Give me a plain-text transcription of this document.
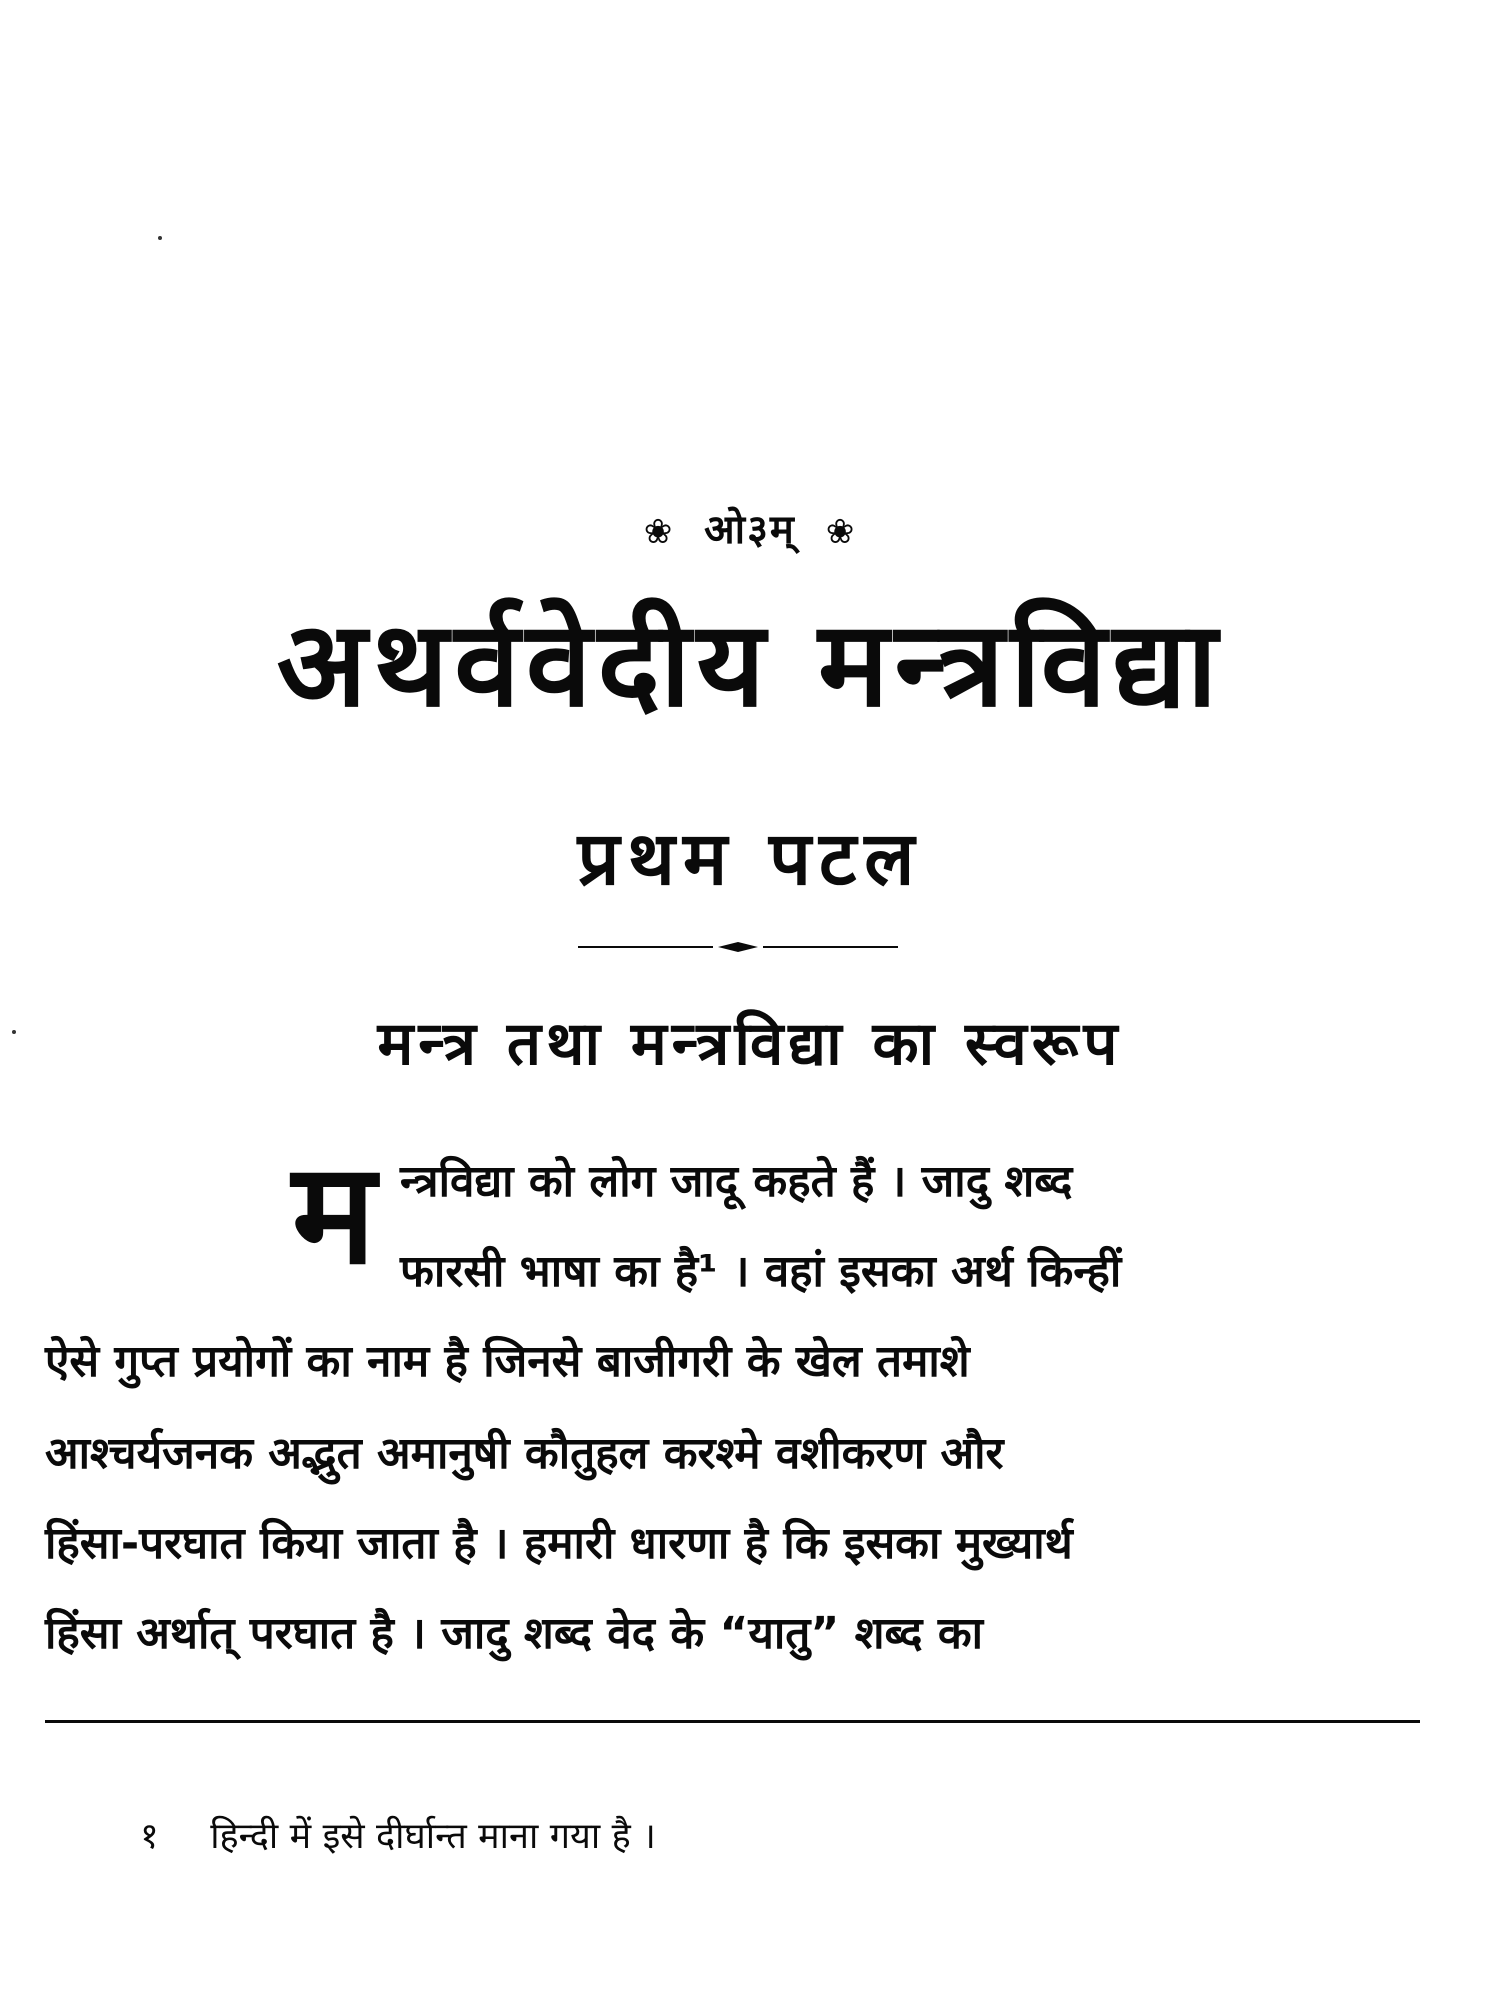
❀ ओ३म् ❀
अथर्ववेदीय मन्त्रविद्या
प्रथम पटल
मन्त्र तथा मन्त्रविद्या का स्वरूप
म न्त्रविद्या को लोग जादू कहते हैं । जादु शब्द
फारसी भाषा का है¹ । वहां इसका अर्थ किन्हीं
ऐसे गुप्त प्रयोगों का नाम है जिनसे बाजीगरी के खेल तमाशे
आश्चर्यजनक अद्भुत अमानुषी कौतुहल करश्मे वशीकरण और
हिंसा-परघात किया जाता है । हमारी धारणा है कि इसका मुख्यार्थ
हिंसा अर्थात् परघात है । जादु शब्द वेद के “यातु” शब्द का
१ हिन्दी में इसे दीर्घान्त माना गया है ।
